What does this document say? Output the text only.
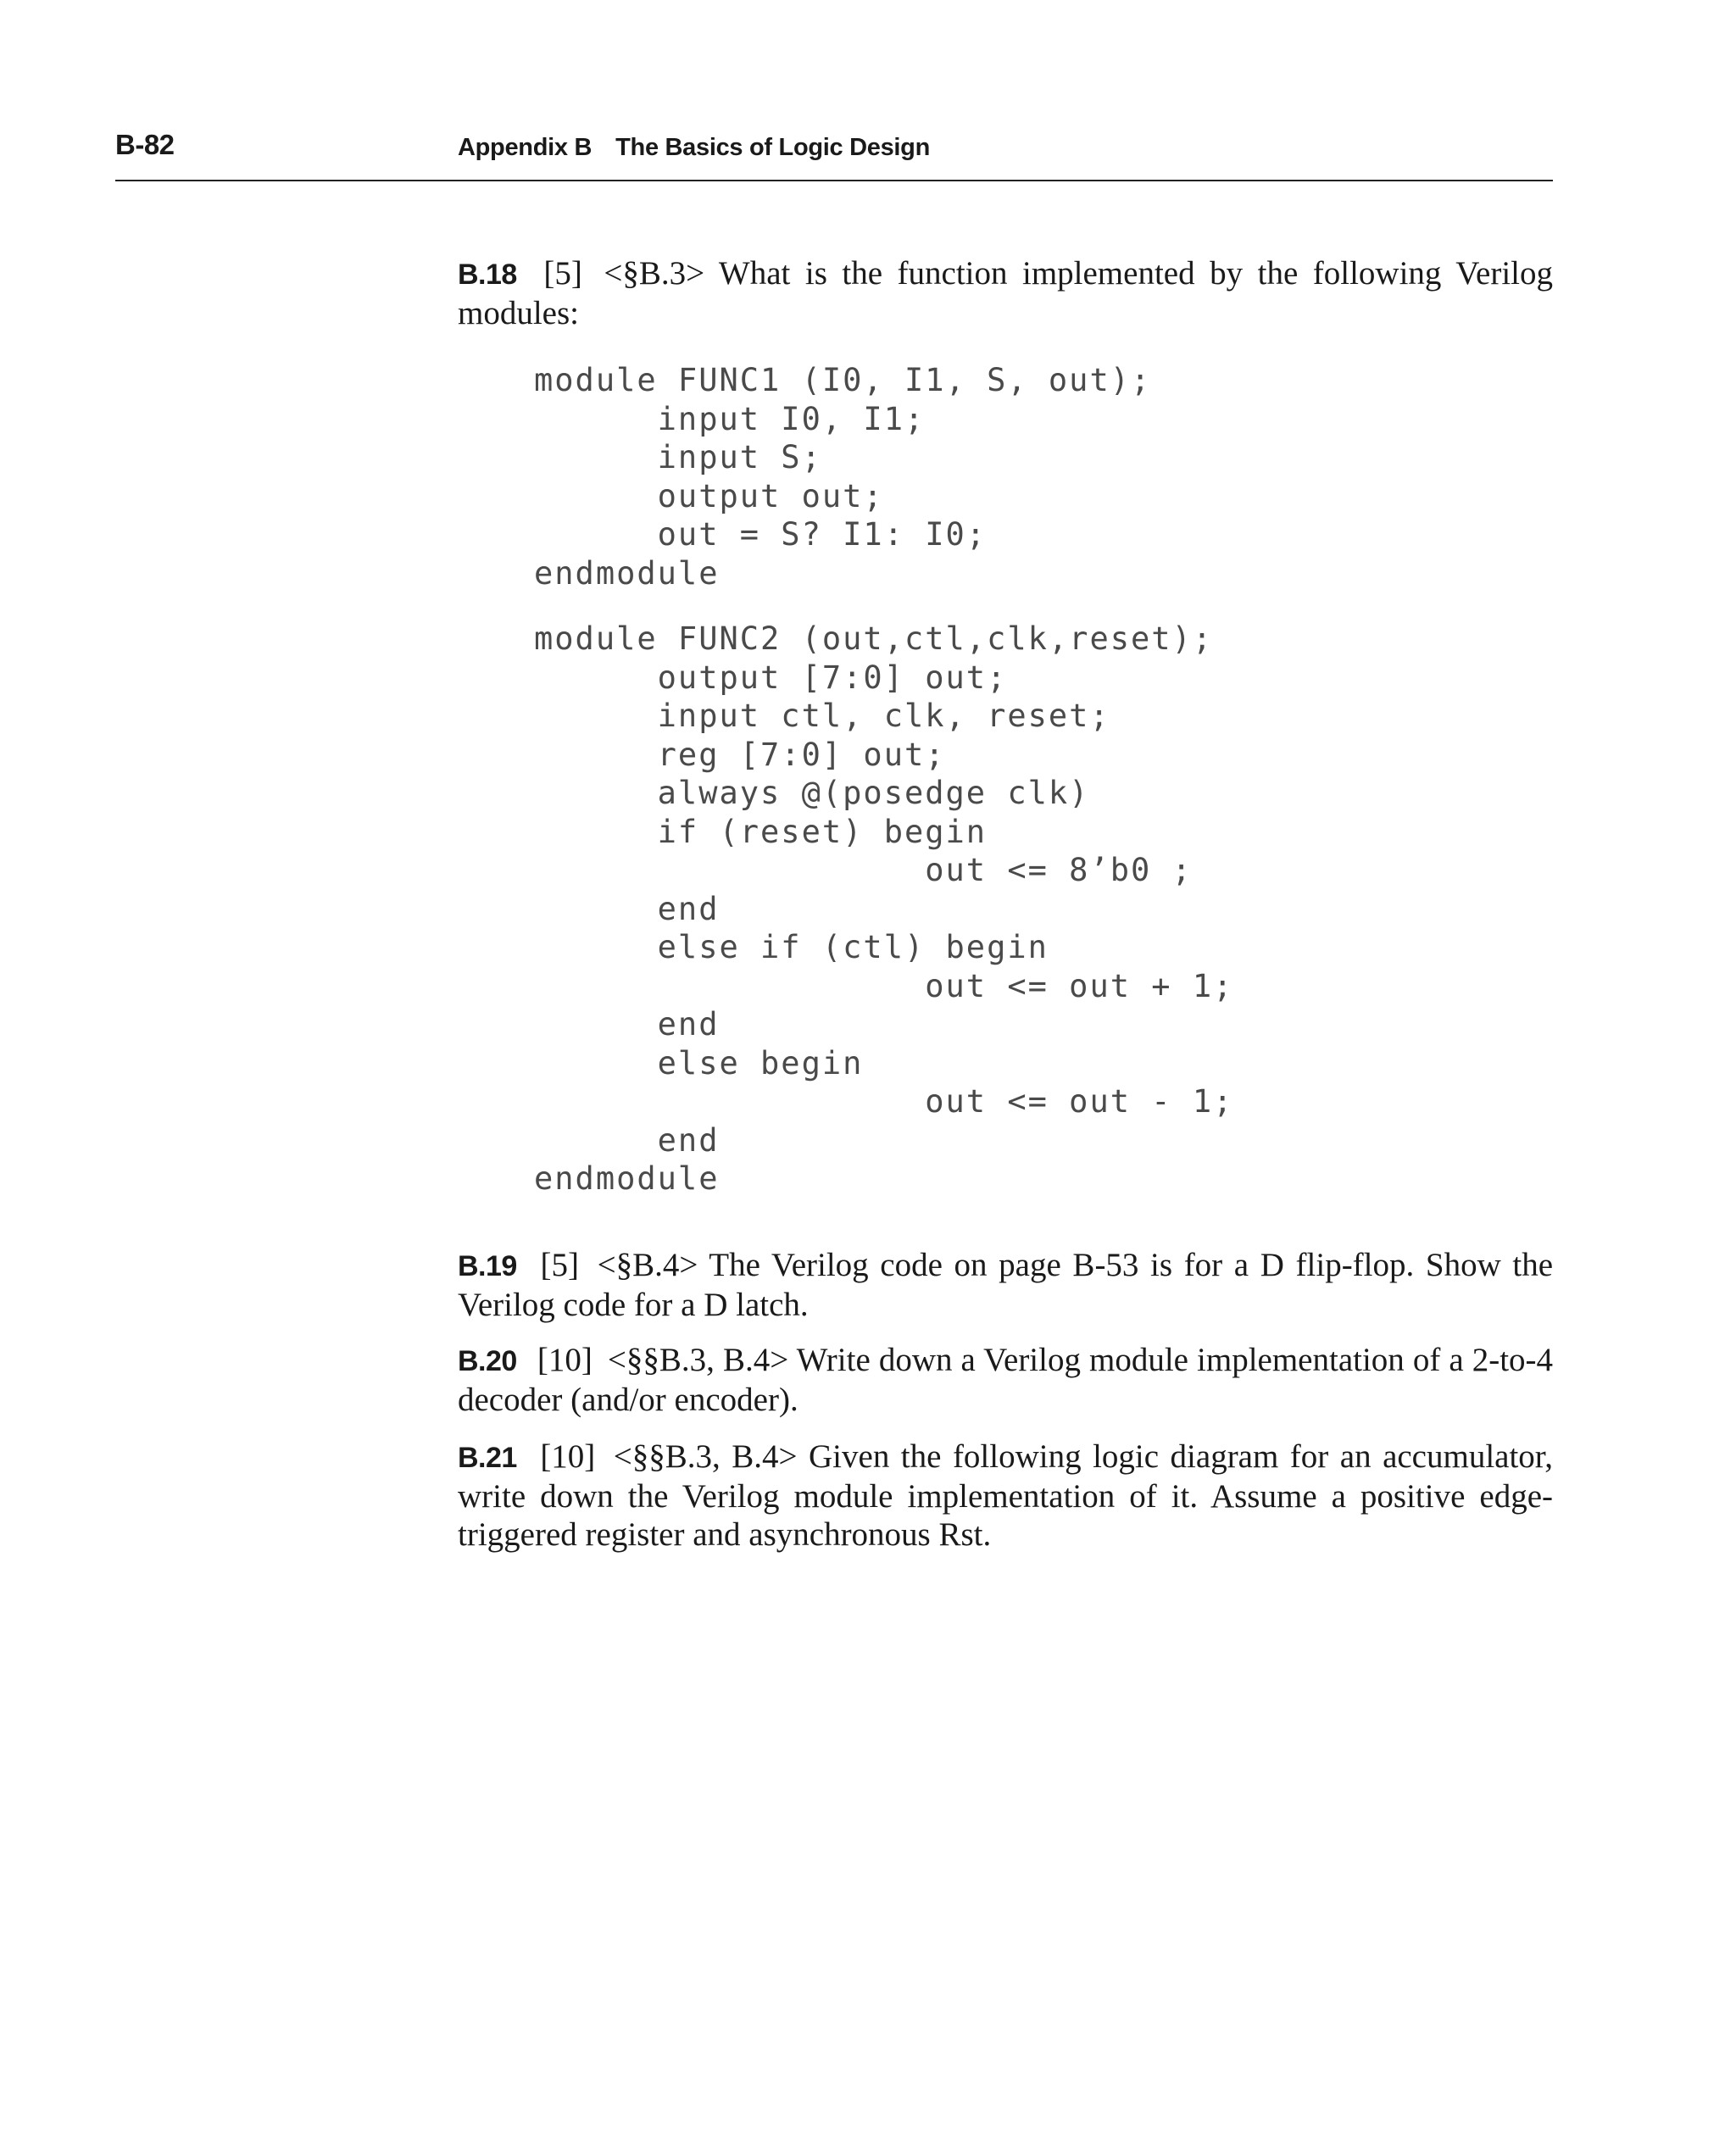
B-82	Appendix B The Basics of Logic Design
B.18 [5] <§B.3> What is the function implemented by the following Verilog modules:
module FUNC1 (I0, I1, S, out);
input I0, I1;
input S;
output out;
out = S? I1: I0;
endmodule
module FUNC2 (out,ctl,clk,reset);
output [7:0] out;
input ctl, clk, reset;
reg [7:0] out;
always @(posedge clk)
if (reset) begin
out <= 8’b0 ;
end
else if (ctl) begin
out <= out + 1;
end
else begin
out <= out - 1;
end
endmodule
B.19 [5] <§B.4> The Verilog code on page B-53 is for a D flip-flop. Show the Verilog code for a D latch.
B.20 [10] <§§B.3, B.4> Write down a Verilog module implementation of a 2-to-4 decoder (and/or encoder).
B.21 [10] <§§B.3, B.4> Given the following logic diagram for an accumulator, write down the Verilog module implementation of it. Assume a positive edge-triggered register and asynchronous Rst.
